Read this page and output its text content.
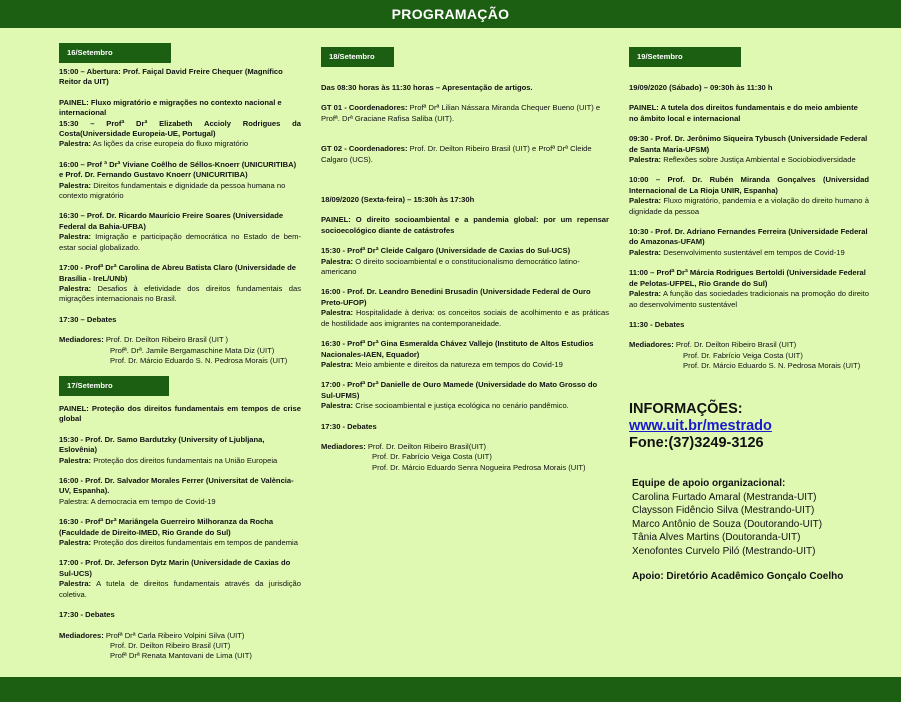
PROGRAMAÇÃO
16/Setembro

15:00 – Abertura: Prof. Faiçal David Freire Chequer (Magnífico Reitor da UIT)

PAINEL: Fluxo migratório e migrações no contexto nacional e internacional

15:30 – Profª Drª Elizabeth Accioly Rodrigues da Costa(Universidade Europeia-UE, Portugal)

Palestra: As lições da crise europeia do fluxo migratório

16:00 – Prof ª Drª Viviane Coêlho de Séllos-Knoerr (UNICURITIBA) e Prof. Dr. Fernando Gustavo Knoerr (UNICURITIBA)

Palestra: Direitos fundamentais e dignidade da pessoa humana no contexto migratório

16:30 – Prof. Dr. Ricardo Maurício Freire Soares (Universidade Federal da Bahia-UFBA)

Palestra: Imigração e participação democrática no Estado de bem-estar social globalizado.

17:00 - Profª Drª Carolina de Abreu Batista Claro (Universidade de Brasília - IreL/UNb)

Palestra: Desafios à efetividade dos direitos fundamentais das migrações internacionais no Brasil.

17:30 – Debates

Mediadores: Prof. Dr. Deilton Ribeiro Brasil (UIT )

Profª. Drª. Jamile Bergamaschine Mata Diz (UIT)

Prof. Dr. Márcio Eduardo S. N. Pedrosa Morais (UIT)

17/Setembro

PAINEL: Proteção dos direitos fundamentais em tempos de crise global

15:30 - Prof. Dr. Samo Bardutzky (University of Ljubljana, Eslovênia)

Palestra: Proteção dos direitos fundamentais na União Europeia

16:00 - Prof. Dr. Salvador Morales Ferrer (Universitat de València-UV, Espanha).

Palestra: A democracia em tempo de Covid-19

16:30 - Profª Drª Mariângela Guerreiro Milhoranza da Rocha (Faculdade de Direito-IMED, Rio Grande do Sul)

Palestra: Proteção dos direitos fundamentais em tempos de pandemia

17:00 - Prof. Dr. Jeferson Dytz Marin (Universidade de Caxias do Sul-UCS)

Palestra: A tutela de direitos fundamentais através da jurisdição coletiva.

17:30 - Debates

Mediadores: Profª Drª Carla Ribeiro Volpini Silva (UIT)

Prof. Dr. Deilton Ribeiro Brasil (UIT)

Profª Drª Renata Mantovani de Lima (UIT)

18/Setembro

Das 08:30 horas às 11:30 horas – Apresentação de artigos.

GT 01 - Coordenadores: Profª Drª Lilian Nássara Miranda Chequer Bueno (UIT) e Profª. Drª Graciane Rafisa Saliba (UIT).

GT 02 - Coordenadores: Prof. Dr. Deilton Ribeiro Brasil (UIT) e Profª Drª Cleide Calgaro (UCS).

18/09/2020 (Sexta-feira) – 15:30h às 17:30h

PAINEL: O direito socioambiental e a pandemia global: por um repensar socioecológico diante de catástrofes

15:30 - Profª Drª Cleide Calgaro (Universidade de Caxias do Sul-UCS)

Palestra: O direito socioambiental e o constitucionalismo democrático latino-americano

16:00 - Prof. Dr. Leandro Benedini Brusadin (Universidade Federal de Ouro Preto-UFOP)

Palestra: Hospitalidade à deriva: os conceitos sociais de acolhimento e as práticas de hostilidade aos imigrantes na contemporaneidade.

16:30 - Profª Drª Gina Esmeralda Chávez Vallejo (Instituto de Altos Estudios Nacionales-IAEN, Equador)

Palestra: Meio ambiente e direitos da natureza em tempos do Covid-19

17:00 - Profª Drª Danielle de Ouro Mamede (Universidade do Mato Grosso do Sul-UFMS)

Palestra: Crise socioambiental e justiça ecológica no cenário pandêmico.

17:30 - Debates

Mediadores: Prof. Dr. Deilton Ribeiro Brasil(UIT)

Prof. Dr. Fabrício Veiga Costa (UIT)

Prof. Dr. Márcio Eduardo Senra Nogueira Pedrosa Morais (UIT)

19/Setembro

19/09/2020 (Sábado) – 09:30h às 11:30 h

PAINEL: A tutela dos direitos fundamentais e do meio ambiente no âmbito local e internacional

09:30 - Prof. Dr. Jerônimo Siqueira Tybusch (Universidade Federal de Santa Maria-UFSM)

Palestra: Reflexões sobre Justiça Ambiental e Sociobiodiversidade

10:00 – Prof. Dr. Rubén Miranda Gonçalves (Universidad Internacional de La Rioja UNIR, Espanha)

Palestra: Fluxo migratório, pandemia e a violação do direito humano à dignidade da pessoa

10:30 - Prof. Dr. Adriano Fernandes Ferreira (Universidade Federal do Amazonas-UFAM)

Palestra: Desenvolvimento sustentável em tempos de Covid-19

11:00 – Profª Drª Márcia Rodrigues Bertoldi (Universidade Federal de Pelotas-UFPEL, Rio Grande do Sul)

Palestra: A função das sociedades tradicionais na promoção do direito ao desenvolvimento sustentável

11:30 - Debates

Mediadores: Prof. Dr. Deilton Ribeiro Brasil (UIT)

Prof. Dr. Fabrício Veiga Costa (UIT)

Prof. Dr. Márcio Eduardo S. N. Pedrosa Morais (UIT)

INFORMAÇÕES:

www.uit.br/mestrado

Fone:(37)3249-3126

Equipe de apoio organizacional:

Carolina Furtado Amaral (Mestranda-UIT)

Claysson Fidêncio Silva (Mestrando-UIT)

Marco Antônio de Souza (Doutorando-UIT)

Tânia Alves Martins (Doutoranda-UIT)

Xenofontes Curvelo Piló (Mestrando-UIT)

Apoio: Diretório Acadêmico Gonçalo Coelho
